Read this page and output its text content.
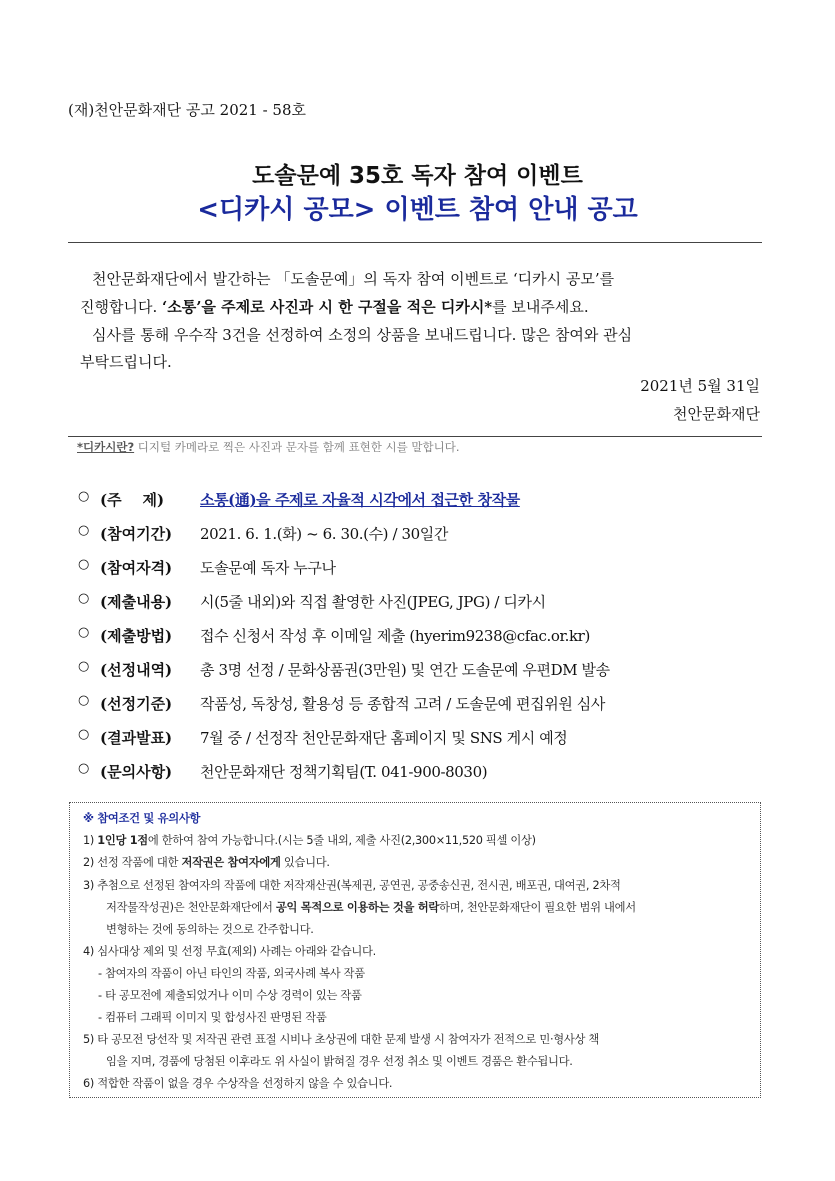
(재)천안문화재단 공고 2021 - 58호
도솔문예 35호 독자 참여 이벤트
<디카시 공모> 이벤트 참여 안내 공고
천안문화재단에서 발간하는 「도솔문예」의 독자 참여 이벤트로 ‘디카시 공모’를
진행합니다. ‘소통’을 주제로 사진과 시 한 구절을 적은 디카시*를 보내주세요.
심사를 통해 우수작 3건을 선정하여 소정의 상품을 보내드립니다. 많은 참여와 관심
부탁드립니다.
2021년 5월 31일
천안문화재단
*디카시란? 디지털 카메라로 찍은 사진과 문자를 함께 표현한 시를 말합니다.
○ (주    제)	소통(通)을 주제로 자율적 시각에서 접근한 창작물
○ (참여기간)	2021. 6. 1.(화) ~ 6. 30.(수) / 30일간
○ (참여자격)	도솔문예 독자 누구나
○ (제출내용)	시(5줄 내외)와 직접 촬영한 사진(JPEG, JPG) / 디카시
○ (제출방법)	접수 신청서 작성 후 이메일 제출 (hyerim9238@cfac.or.kr)
○ (선정내역)	총 3명 선정 / 문화상품권(3만원) 및 연간 도솔문예 우편DM 발송
○ (선정기준)	작품성, 독창성, 활용성 등 종합적 고려 / 도솔문예 편집위원 심사
○ (결과발표)	7월 중 / 선정작 천안문화재단 홈페이지 및 SNS 게시 예정
○ (문의사항)	천안문화재단 정책기획팀(T. 041-900-8030)
※ 참여조건 및 유의사항
1) 1인당 1점에 한하여 참여 가능합니다.(시는 5줄 내외, 제출 사진(2,300×11,520 픽셀 이상)
2) 선정 작품에 대한 저작권은 참여자에게 있습니다.
3) 추첨으로 선정된 참여자의 작품에 대한 저작재산권(복제권, 공연권, 공중송신권, 전시권, 배포권, 대여권, 2차적
저작물작성권)은 천안문화재단에서 공익 목적으로 이용하는 것을 허락하며, 천안문화재단이 필요한 범위 내에서
변형하는 것에 동의하는 것으로 간주합니다.
4) 심사대상 제외 및 선정 무효(제외) 사례는 아래와 같습니다.
- 참여자의 작품이 아닌 타인의 작품, 외국사례 복사 작품
- 타 공모전에 제출되었거나 이미 수상 경력이 있는 작품
- 컴퓨터 그래픽 이미지 및 합성사진 판명된 작품
5) 타 공모전 당선작 및 저작권 관련 표절 시비나 초상권에 대한 문제 발생 시 참여자가 전적으로 민·형사상 책
임을 지며, 경품에 당첨된 이후라도 위 사실이 밝혀질 경우 선정 취소 및 이벤트 경품은 환수됩니다.
6) 적합한 작품이 없을 경우 수상작을 선정하지 않을 수 있습니다.
